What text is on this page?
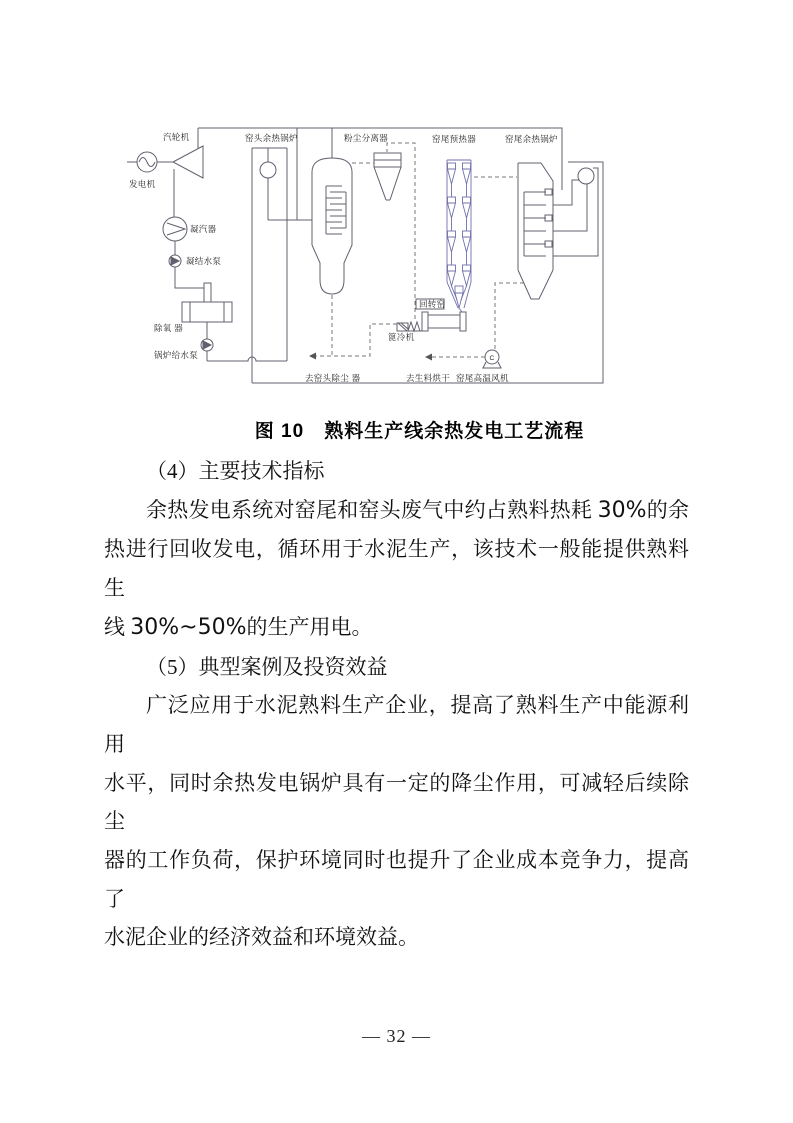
汽轮机
发电机
凝汽器
凝结水泵
除氧 器
锅炉给水泵
窑头余热锅炉	粉尘分离器	窑尾预热器	窑尾余热锅炉
回转窑
篦冷机
去窑头除尘 器	去生料烘干 窑尾高温风机
C
图 10　熟料生产线余热发电工艺流程
（4）主要技术指标
余热发电系统对窑尾和窑头废气中约占熟料热耗 30%的余
热进行回收发电，循环用于水泥生产，该技术一般能提供熟料生
线 30%~50%的生产用电。
（5）典型案例及投资效益
广泛应用于水泥熟料生产企业，提高了熟料生产中能源利用
水平，同时余热发电锅炉具有一定的降尘作用，可减轻后续除尘
器的工作负荷，保护环境同时也提升了企业成本竞争力，提高了
水泥企业的经济效益和环境效益。
— 32 —
